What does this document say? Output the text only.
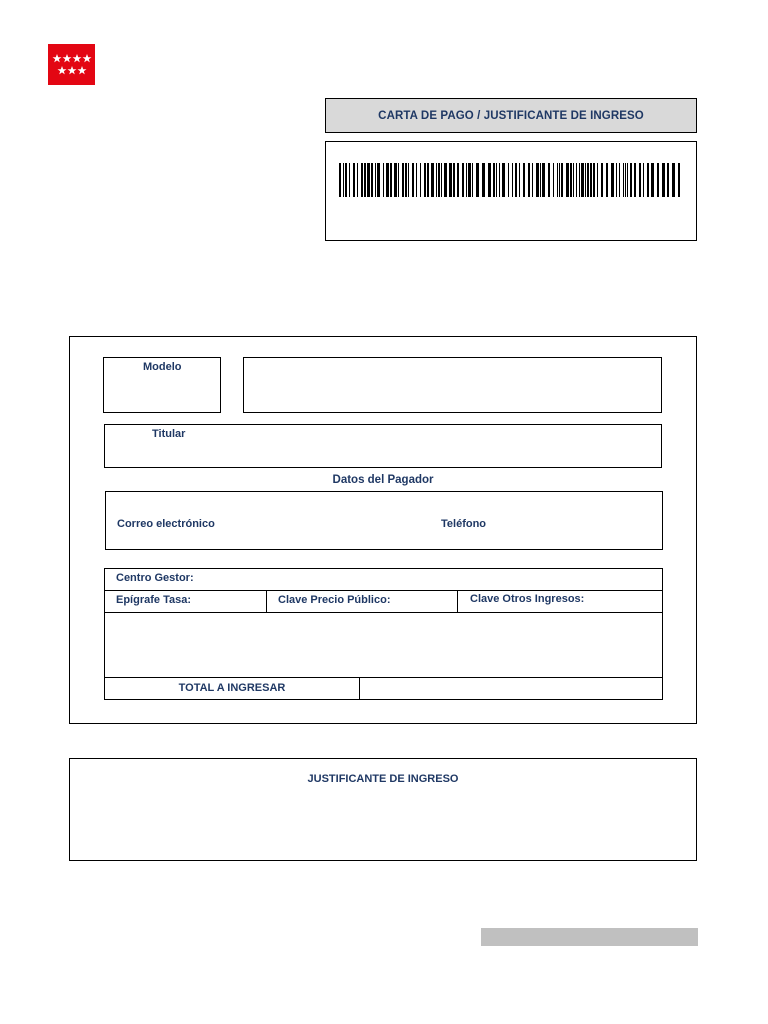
CARTA DE PAGO / JUSTIFICANTE DE INGRESO
Modelo
Titular
Datos del Pagador
Correo electrónico	Teléfono
Centro Gestor:
Epígrafe Tasa:	Clave Precio Público:	Clave Otros Ingresos:
TOTAL A INGRESAR
JUSTIFICANTE DE INGRESO
